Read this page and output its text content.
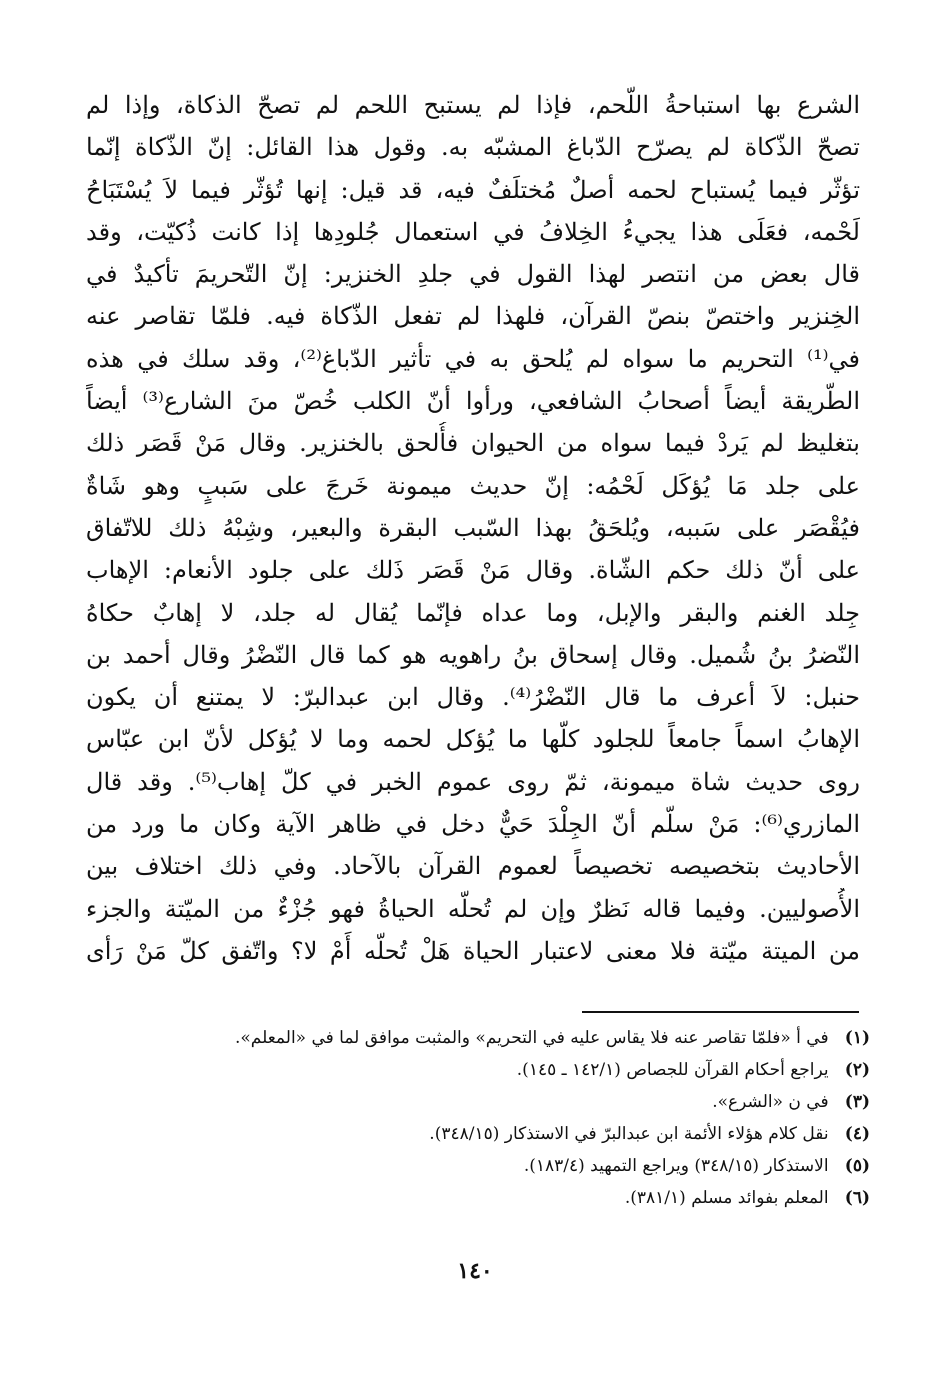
الشرع بها استباحةُ اللّحم، فإذا لم يستبح اللحم لم تصحّ الذكاة، وإذا لم
تصحّ الذّكاة لم يصرّح الدّباغ المشبّه به. وقول هذا القائل: إنّ الذّكاة إنّما
تؤثّر فيما يُستباح لحمه أصلٌ مُختلَفٌ فيه، قد قيل: إنها تُؤثّر فيما لاَ يُسْتَبَاحُ
لَحْمه، فعَلَى هذا يجيءُ الخِلافُ في استعمال جُلودِها إذا كانت ذُكيّت، وقد
قال بعض من انتصر لهذا القول في جلدِ الخنزير: إنّ التّحريمَ تأكيدٌ في
الخِنزير واختصّ بنصّ القرآن، فلهذا لم تفعل الذّكاة فيه. فلمّا تقاصر عنه
في⁽¹⁾ التحريم ما سواه لم يُلحق به في تأثير الدّباغ⁽²⁾، وقد سلك في هذه
الطّريقة أيضاً أصحابُ الشافعي، ورأوا أنّ الكلب خُصّ منَ الشارع⁽³⁾ أيضاً
بتغليظ لم يَردْ فيما سواه من الحيوان فأُلحق بالخنزير. وقال مَنْ قَصَر ذلك
على جلد مَا يُؤكَل لَحْمُه: إنّ حديث ميمونة خَرجَ على سَببٍ وهو شَاةٌ
فيُقْصَر على سَببه، ويُلحَقُ بهذا السّبب البقرة والبعير، وشِبْهُ ذلك للاتّفاق
على أنّ ذلك حكم الشّاة. وقال مَنْ قَصَر ذَلك على جلود الأنعام: الإهاب
جِلد الغنم والبقر والإبل، وما عداه فإنّما يُقال له جلد، لا إهابٌ حكاهُ
النّضرُ بنُ شُميل. وقال إسحاق بنُ راهويه هو كما قال النّضْرُ وقال أحمد بن
حنبل: لاَ أعرف ما قال النّضْرُ⁽⁴⁾. وقال ابن عبدالبرّ: لا يمتنع أن يكون
الإهابُ اسماً جامعاً للجلود كلّها ما يُؤكل لحمه وما لا يُؤكل لأنّ ابن عبّاس
روى حديث شاة ميمونة، ثمّ روى عموم الخبر في كلّ إهاب⁽⁵⁾. وقد قال
المازري⁽⁶⁾: مَنْ سلّم أنّ الجِلْدَ حَيٌّ دخل في ظاهر الآية وكان ما ورد من
الأحاديث بتخصيصه تخصيصاً لعموم القرآن بالآحاد. وفي ذلك اختلاف بين
الأُصوليين. وفيما قاله نَظرٌ وإن لم تُحلّه الحياةُ فهو جُزْءٌ من الميّتة والجزء
من الميتة ميّتة فلا معنى لاعتبار الحياة هَلْ تُحلّه أَمْ لا؟ واتّفق كلّ مَنْ رَأى
(١) في أ «فلمّا تقاصر عنه فلا يقاس عليه في التحريم» والمثبت موافق لما في «المعلم».
(٢) يراجع أحكام القرآن للجصاص (١٤٢/١ ـ ١٤٥).
(٣) في ن «الشرع».
(٤) نقل كلام هؤلاء الأئمة ابن عبدالبرّ في الاستذكار (٣٤٨/١٥).
(٥) الاستذكار (٣٤٨/١٥) ويراجع التمهيد (١٨٣/٤).
(٦) المعلم بفوائد مسلم (٣٨١/١).
١٤٠
